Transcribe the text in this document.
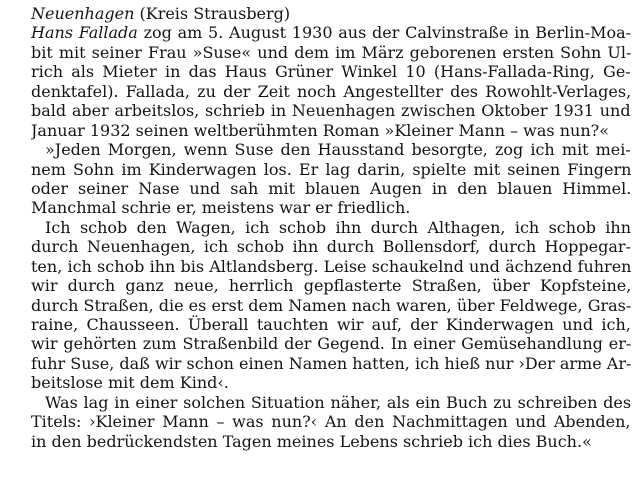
Neuenhagen (Kreis Strausberg)
Hans Fallada zog am 5. August 1930 aus der Calvinstraße in Berlin-Moa-
bit mit seiner Frau »Suse« und dem im März geborenen ersten Sohn Ul-
rich als Mieter in das Haus Grüner Winkel 10 (Hans-Fallada-Ring, Ge-
denktafel). Fallada, zu der Zeit noch Angestellter des Rowohlt-Verlages,
bald aber arbeitslos, schrieb in Neuenhagen zwischen Oktober 1931 und
Januar 1932 seinen weltberühmten Roman »Kleiner Mann – was nun?«
»Jeden Morgen, wenn Suse den Hausstand besorgte, zog ich mit mei-
nem Sohn im Kinderwagen los. Er lag darin, spielte mit seinen Fingern
oder seiner Nase und sah mit blauen Augen in den blauen Himmel.
Manchmal schrie er, meistens war er friedlich.
Ich schob den Wagen, ich schob ihn durch Althagen, ich schob ihn
durch Neuenhagen, ich schob ihn durch Bollensdorf, durch Hoppegar-
ten, ich schob ihn bis Altlandsberg. Leise schaukelnd und ächzend fuhren
wir durch ganz neue, herrlich gepflasterte Straßen, über Kopfsteine,
durch Straßen, die es erst dem Namen nach waren, über Feldwege, Gras-
raine, Chausseen. Überall tauchten wir auf, der Kinderwagen und ich,
wir gehörten zum Straßenbild der Gegend. In einer Gemüsehandlung er-
fuhr Suse, daß wir schon einen Namen hatten, ich hieß nur ›Der arme Ar-
beitslose mit dem Kind‹.
Was lag in einer solchen Situation näher, als ein Buch zu schreiben des
Titels: ›Kleiner Mann – was nun?‹ An den Nachmittagen und Abenden,
in den bedrückendsten Tagen meines Lebens schrieb ich dies Buch.«
